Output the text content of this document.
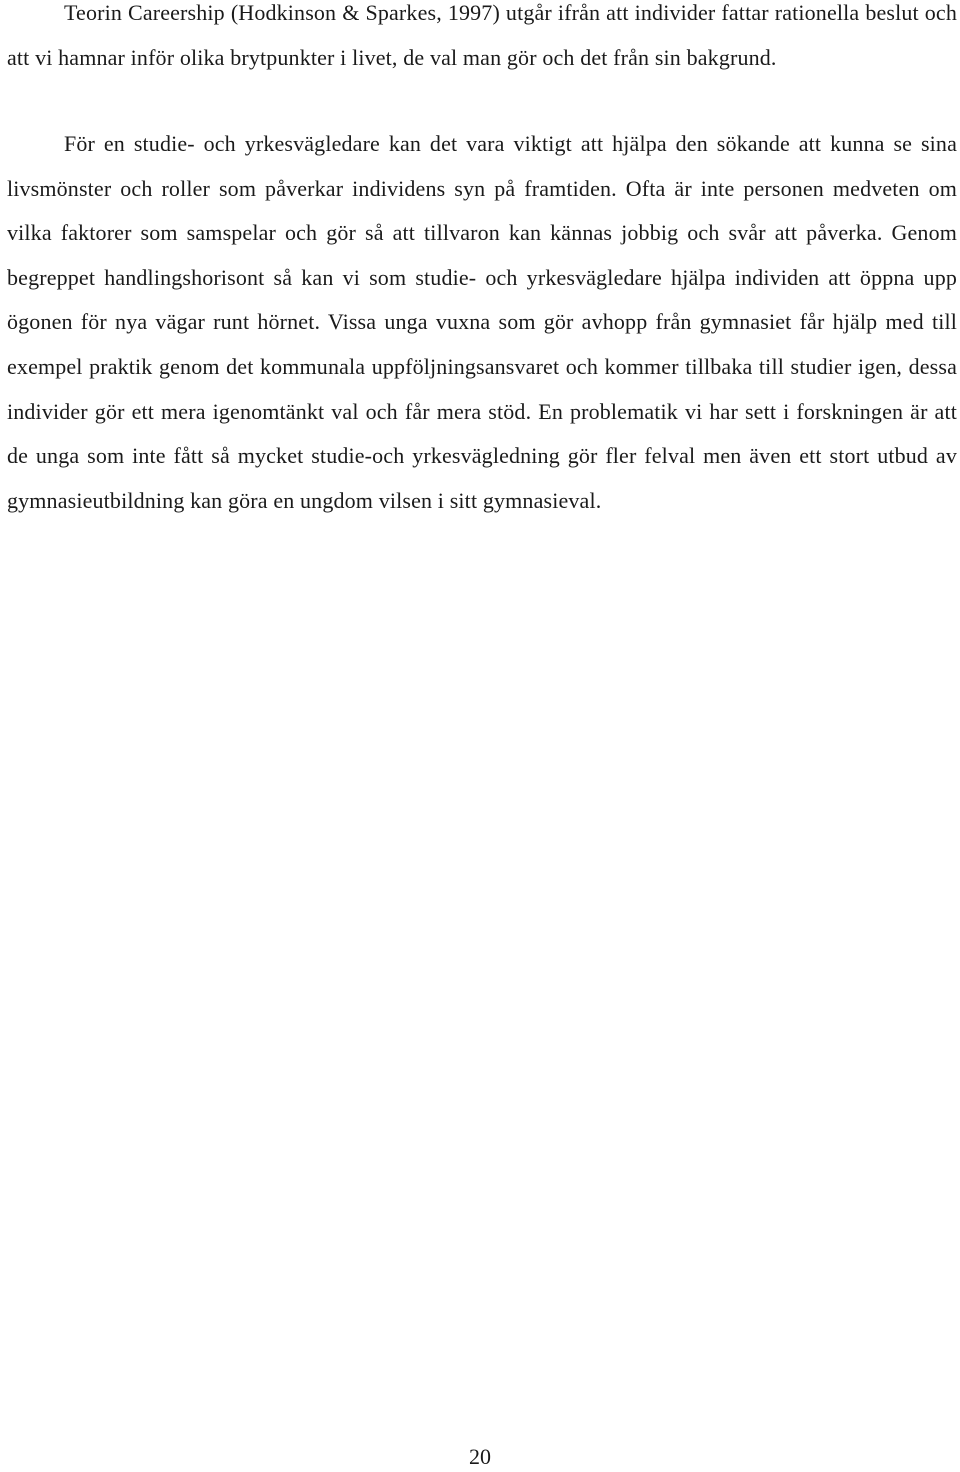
Teorin Careership (Hodkinson & Sparkes, 1997) utgår ifrån att individer fattar rationella beslut och att vi hamnar inför olika brytpunkter i livet, de val man gör och det från sin bakgrund.

För en studie- och yrkesvägledare kan det vara viktigt att hjälpa den sökande att kunna se sina livsmönster och roller som påverkar individens syn på framtiden. Ofta är inte personen medveten om vilka faktorer som samspelar och gör så att tillvaron kan kännas jobbig och svår att påverka. Genom begreppet handlingshorisont så kan vi som studie- och yrkesvägledare hjälpa individen att öppna upp ögonen för nya vägar runt hörnet. Vissa unga vuxna som gör avhopp från gymnasiet får hjälp med till exempel praktik genom det kommunala uppföljningsansvaret och kommer tillbaka till studier igen, dessa individer gör ett mera igenomtänkt val och får mera stöd. En problematik vi har sett i forskningen är att de unga som inte fått så mycket studie-och yrkesvägledning gör fler felval men även ett stort utbud av gymnasieutbildning kan göra en ungdom vilsen i sitt gymnasieval.

20
